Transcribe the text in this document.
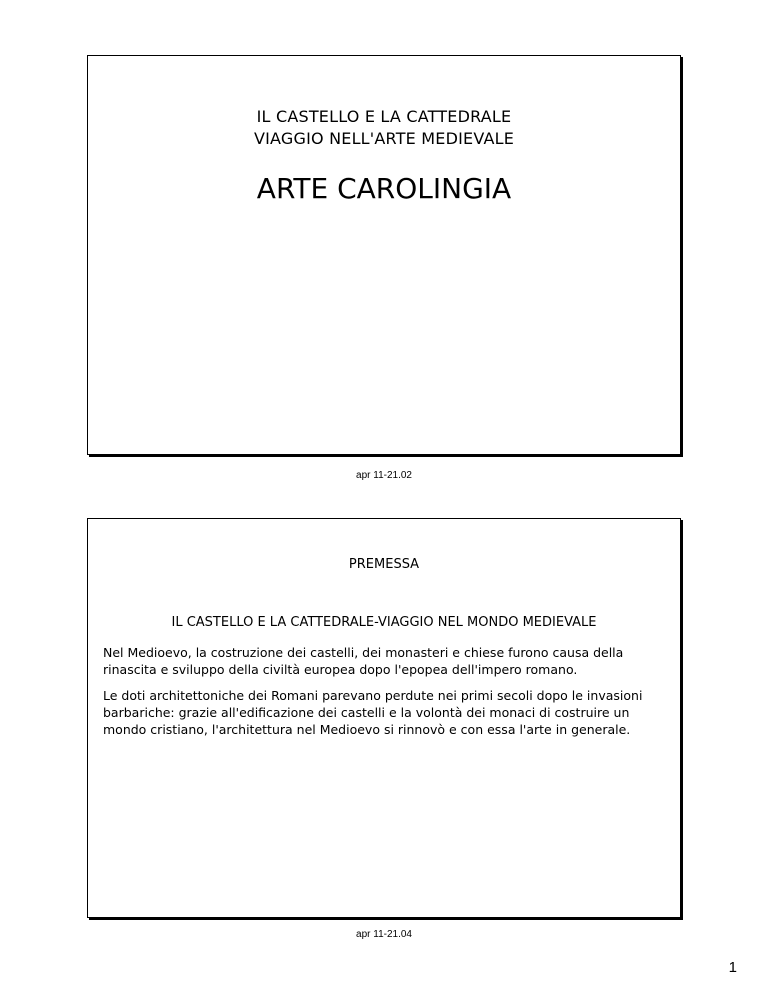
IL CASTELLO E LA CATTEDRALE
VIAGGIO NELL'ARTE MEDIEVALE
ARTE CAROLINGIA
apr 11-21.02
PREMESSA
IL CASTELLO E LA CATTEDRALE-VIAGGIO NEL MONDO MEDIEVALE
Nel Medioevo, la costruzione dei castelli, dei monasteri e chiese furono causa della rinascita e sviluppo della civiltà europea dopo l'epopea dell'impero romano.
Le doti architettoniche dei Romani parevano perdute nei primi secoli dopo le invasioni barbariche: grazie all'edificazione dei castelli e la volontà dei monaci di costruire un mondo cristiano, l'architettura nel Medioevo si rinnovò e con essa l'arte in generale.
apr 11-21.04
1
